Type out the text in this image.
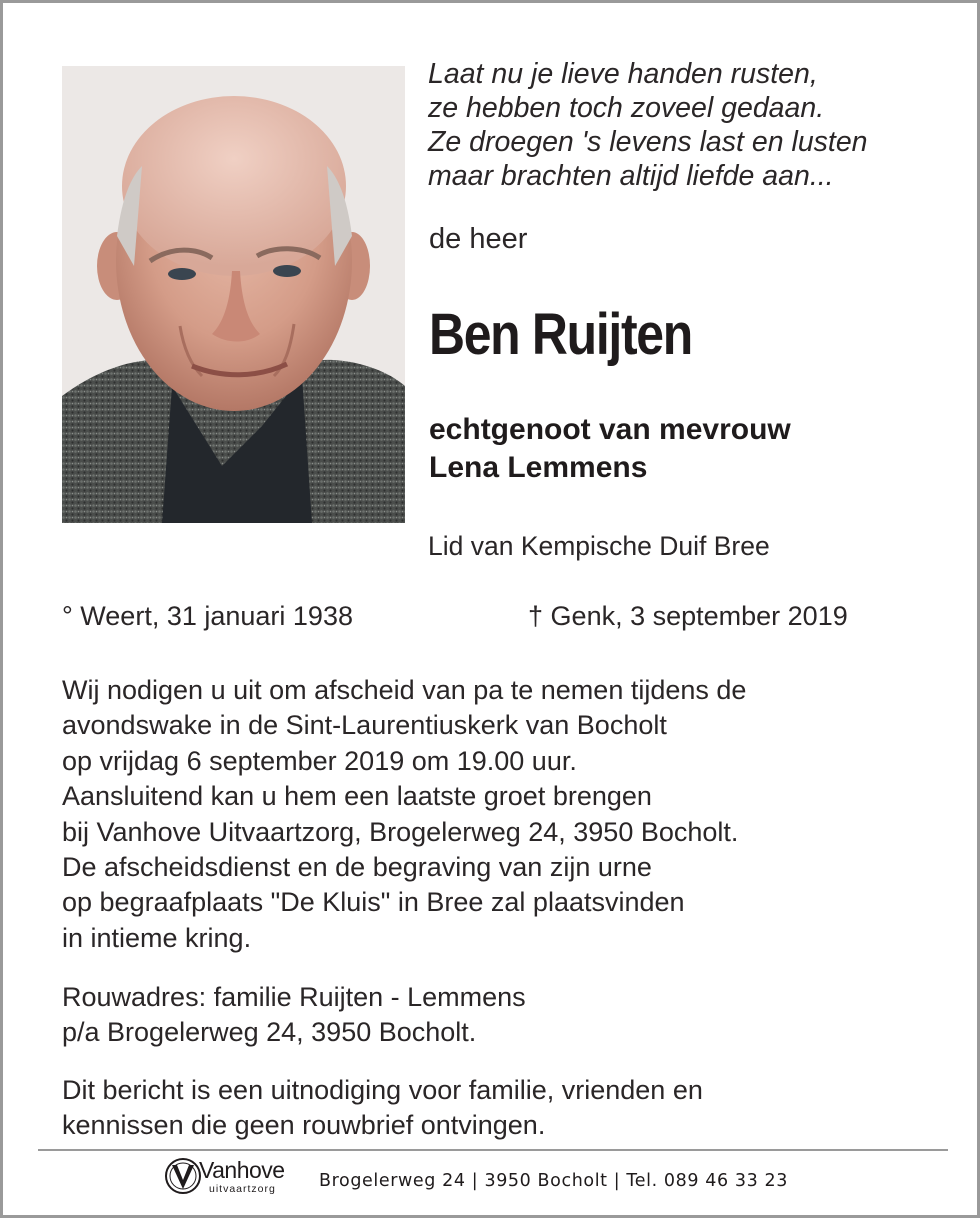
Laat nu je lieve handen rusten,
ze hebben toch zoveel gedaan.
Ze droegen 's levens last en lusten
maar brachten altijd liefde aan...
de heer
Ben Ruijten
echtgenoot van mevrouw
Lena Lemmens
Lid van Kempische Duif Bree
° Weert, 31 januari 1938	† Genk, 3 september 2019
Wij nodigen u uit om afscheid van pa te nemen tijdens de
avondswake in de Sint-Laurentiuskerk van Bocholt
op vrijdag 6 september 2019 om 19.00 uur.
Aansluitend kan u hem een laatste groet brengen
bij Vanhove Uitvaartzorg, Brogelerweg 24, 3950 Bocholt.
De afscheidsdienst en de begraving van zijn urne
op begraafplaats "De Kluis" in Bree zal plaatsvinden
in intieme kring.
Rouwadres: familie Ruijten - Lemmens
p/a Brogelerweg 24, 3950 Bocholt.
Dit bericht is een uitnodiging voor familie, vrienden en
kennissen die geen rouwbrief ontvingen.
Vanhove
uitvaartzorg Brogelerweg 24 | 3950 Bocholt | Tel. 089 46 33 23
